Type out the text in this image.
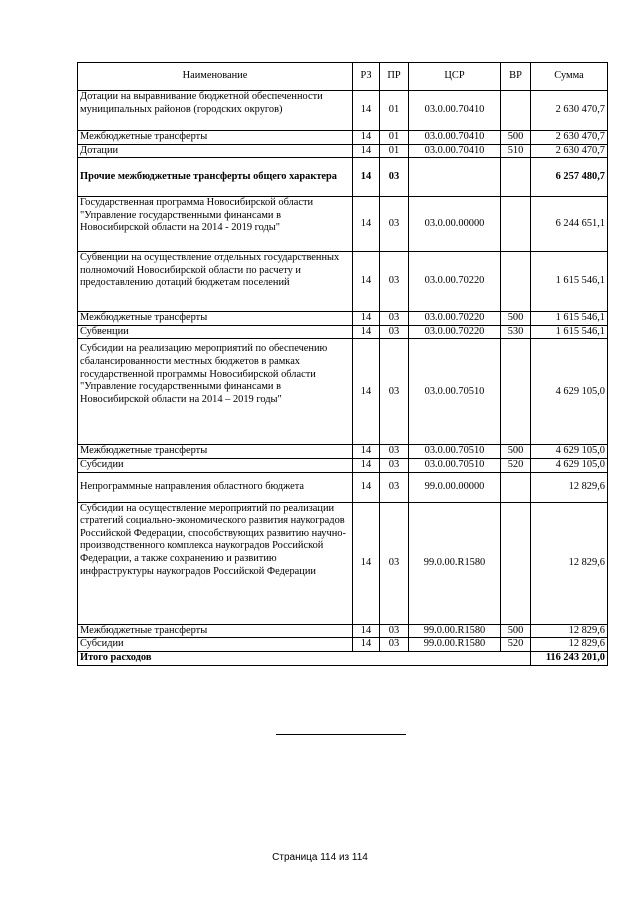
Наименование	РЗ	ПР	ЦСР	ВР	Сумма
Дотации на выравнивание бюджетной обеспеченности муниципальных районов (городских округов)	14	01	03.0.00.70410		2 630 470,7
Межбюджетные трансферты	14	01	03.0.00.70410	500	2 630 470,7
Дотации	14	01	03.0.00.70410	510	2 630 470,7
Прочие межбюджетные трансферты общего характера	14	03			6 257 480,7
Государственная программа Новосибирской области "Управление государственными финансами в Новосибирской области на 2014 - 2019 годы"	14	03	03.0.00.00000		6 244 651,1
Субвенции на осуществление отдельных государственных полномочий Новосибирской области по расчету и предоставлению дотаций бюджетам поселений	14	03	03.0.00.70220		1 615 546,1
Межбюджетные трансферты	14	03	03.0.00.70220	500	1 615 546,1
Субвенции	14	03	03.0.00.70220	530	1 615 546,1
Субсидии на реализацию мероприятий по обеспечению сбалансированности местных бюджетов в рамках государственной программы Новосибирской области "Управление государственными финансами в Новосибирской области на 2014 – 2019 годы"	14	03	03.0.00.70510		4 629 105,0
Межбюджетные трансферты	14	03	03.0.00.70510	500	4 629 105,0
Субсидии	14	03	03.0.00.70510	520	4 629 105,0
Непрограммные направления областного бюджета	14	03	99.0.00.00000		12 829,6
Субсидии на осуществление мероприятий по реализации стратегий социально-экономического развития наукоградов Российской Федерации, способствующих развитию научно-производственного комплекса наукоградов Российской Федерации, а также сохранению и развитию инфраструктуры наукоградов Российской Федерации	14	03	99.0.00.R1580		12 829,6
Межбюджетные трансферты	14	03	99.0.00.R1580	500	12 829,6
Субсидии	14	03	99.0.00.R1580	520	12 829,6
Итого расходов					116 243 201,0
Страница 114 из 114
